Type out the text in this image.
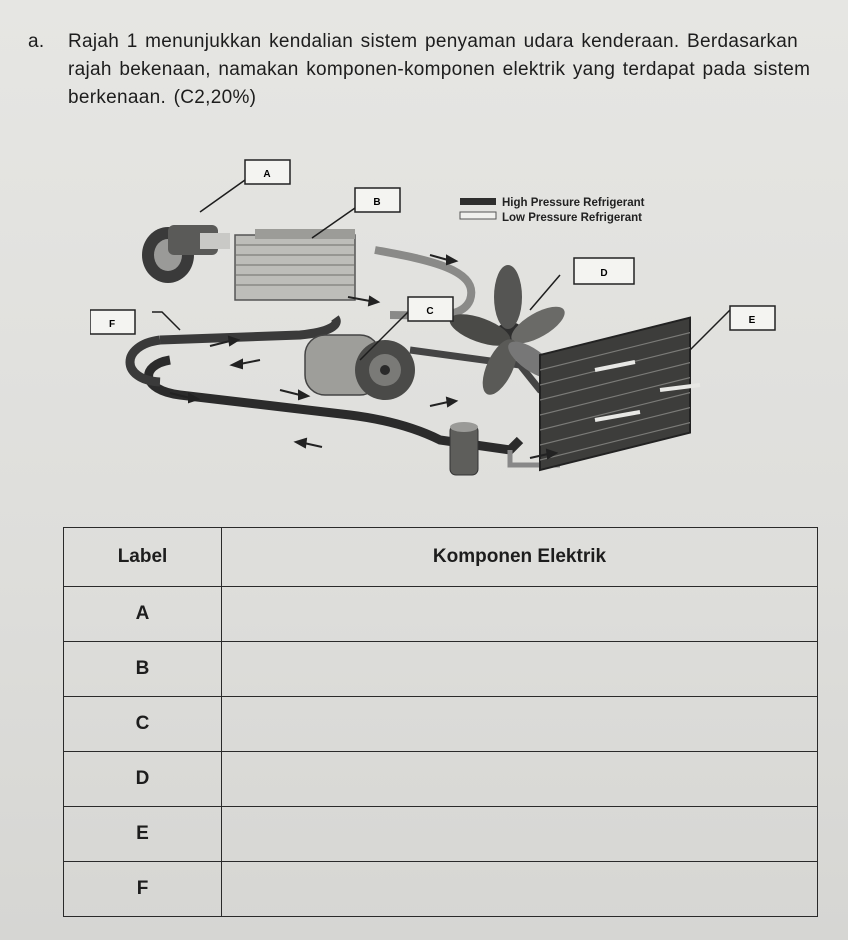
a. Rajah 1 menunjukkan kendalian sistem penyaman udara kenderaan. Berdasarkan rajah bekenaan, namakan komponen-komponen elektrik yang terdapat pada sistem berkenaan. (C2,20%)
A
B
C
D
E
F
High Pressure Refrigerant
Low Pressure Refrigerant
Label	Komponen Elektrik
A	
B	
C	
D	
E	
F	
